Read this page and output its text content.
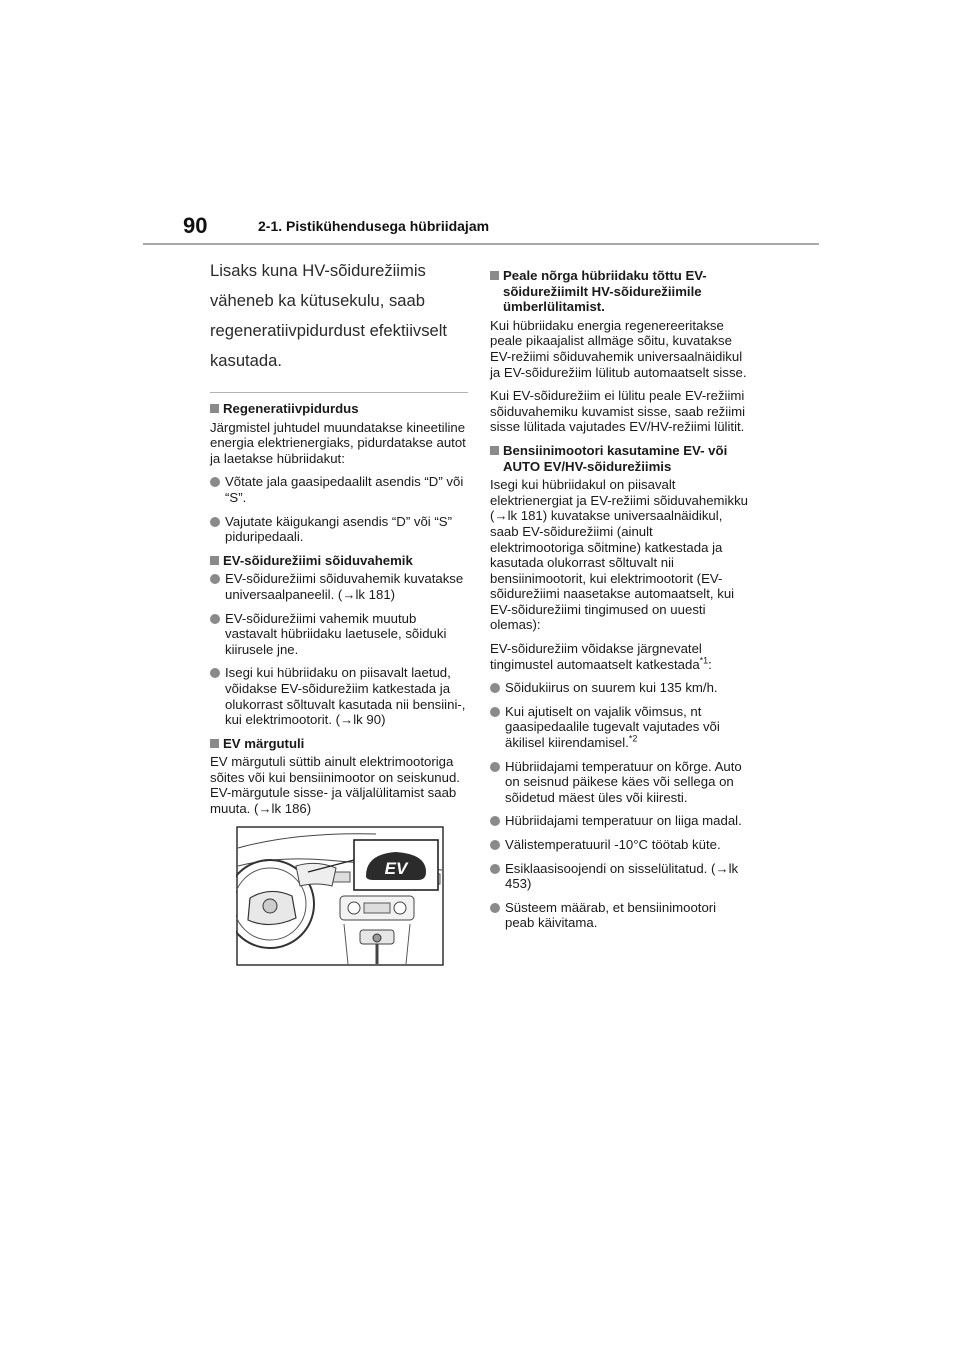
90	2-1. Pistikühendusega hübriidajam

Lisaks kuna HV-sõidurežiimis väheneb ka kütusekulu, saab regeneratiivpidurdust efektiivselt kasutada.

Regeneratiivpidurdus
Järgmistel juhtudel muundatakse kineetiline energia elektrienergiaks, pidurdatakse autot ja laetakse hübriidakut:
Võtate jala gaasipedaalilt asendis “D” või “S”.
Vajutate käigukangi asendis “D” või “S” piduripedaali.
EV-sõidurežiimi sõiduvahemik
EV-sõidurežiimi sõiduvahemik kuvatakse universaalpaneelil. (→lk 181)
EV-sõidurežiimi vahemik muutub vastavalt hübriidaku laetusele, sõiduki kiirusele jne.
Isegi kui hübriidaku on piisavalt laetud, võidakse EV-sõidurežiim katkestada ja olukorrast sõltuvalt kasutada nii bensiini-, kui elektrimootorit. (→lk 90)
EV märgutuli
EV märgutuli süttib ainult elektrimootoriga sõites või kui bensiinimootor on seiskunud. EV-märgutule sisse- ja väljalülitamist saab muuta. (→lk 186)
EV
Peale nõrga hübriidaku tõttu EV-sõidurežiimilt HV-sõidurežiimile ümberlülitamist.
Kui hübriidaku energia regenereeritakse peale pikaajalist allmäge sõitu, kuvatakse EV-režiimi sõiduvahemik universaalnäidikul ja EV-sõidurežiim lülitub automaatselt sisse.
Kui EV-sõidurežiim ei lülitu peale EV-režiimi sõiduvahemiku kuvamist sisse, saab režiimi sisse lülitada vajutades EV/HV-režiimi lülitit.
Bensiinimootori kasutamine EV- või AUTO EV/HV-sõidurežiimis
Isegi kui hübriidakul on piisavalt elektrienergiat ja EV-režiimi sõiduvahemikku (→lk 181) kuvatakse universaalnäidikul, saab EV-sõidurežiimi (ainult elektrimootoriga sõitmine) katkestada ja kasutada olukorrast sõltuvalt nii bensiinimootorit, kui elektrimootorit (EV-sõidurežiimi naasetakse automaatselt, kui EV-sõidurežiimi tingimused on uuesti olemas):
EV-sõidurežiim võidakse järgnevatel tingimustel automaatselt katkestada$^{*1}$:
Sõidukiirus on suurem kui 135 km/h.
Kui ajutiselt on vajalik võimsus, nt gaasipedaalile tugevalt vajutades või äkilisel kiirendamisel.$^{*2}$
Hübriidajami temperatuur on kõrge. Auto on seisnud päikese käes või sellega on sõidetud mäest üles või kiiresti.
Hübriidajami temperatuur on liiga madal.
Välistemperatuuril -10°C töötab küte.
Esiklaasisoojendi on sisselülitatud. (→lk 453)
Süsteem määrab, et bensiinimootori peab käivitama.
